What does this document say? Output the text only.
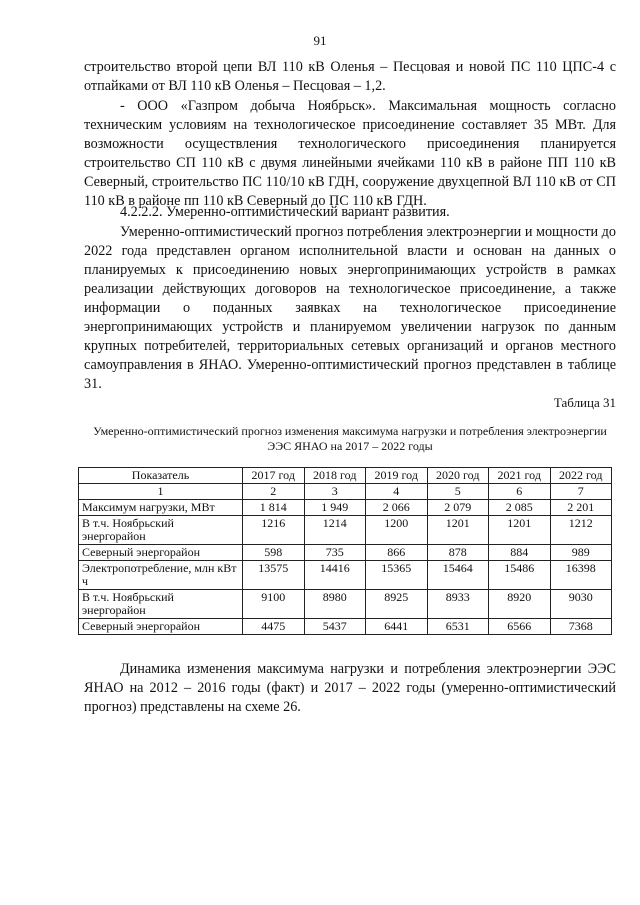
91

строительство второй цепи ВЛ 110 кВ Оленья – Песцовая и новой ПС 110 ЦПС-4 с отпайками от ВЛ 110 кВ Оленья – Песцовая – 1,2.

- ООО «Газпром добыча Ноябрьск». Максимальная мощность согласно техническим условиям на технологическое присоединение составляет 35 МВт. Для возможности осуществления технологического присоединения планируется строительство СП 110 кВ с двумя линейными ячейками 110 кВ в районе ПП 110 кВ Северный, строительство ПС 110/10 кВ ГДН, сооружение двухцепной ВЛ 110 кВ от СП 110 кВ в районе пп 110 кВ Северный до ПС 110 кВ ГДН.

4.2.2.2. Умеренно-оптимистический вариант развития.

Умеренно-оптимистический прогноз потребления электроэнергии и мощности до 2022 года представлен органом исполнительной власти и основан на данных о планируемых к присоединению новых энергопринимающих устройств в рамках реализации действующих договоров на технологическое присоединение, а также информации о поданных заявках на технологическое присоединение энергопринимающих устройств и планируемом увеличении нагрузок по данным крупных потребителей, территориальных сетевых организаций и органов местного самоуправления в ЯНАО. Умеренно-оптимистический прогноз представлен в таблице 31.

Таблица 31
Умеренно-оптимистический прогноз изменения максимума нагрузки и потребления электроэнергии ЭЭС ЯНАО на 2017 – 2022 годы
Показатель	2017 год	2018 год	2019 год	2020 год	2021 год	2022 год
1	2	3	4	5	6	7
Максимум нагрузки, МВт	1 814	1 949	2 066	2 079	2 085	2 201
В т.ч. Ноябрьский энергорайон	1216	1214	1200	1201	1201	1212
Северный энергорайон	598	735	866	878	884	989
Электропотребление, млн кВт ч	13575	14416	15365	15464	15486	16398
В т.ч. Ноябрьский энергорайон	9100	8980	8925	8933	8920	9030
Северный энергорайон	4475	5437	6441	6531	6566	7368

Динамика изменения максимума нагрузки и потребления электроэнергии ЭЭС ЯНАО на 2012 – 2016 годы (факт) и 2017 – 2022 годы (умеренно-оптимистический прогноз) представлены на схеме 26.
